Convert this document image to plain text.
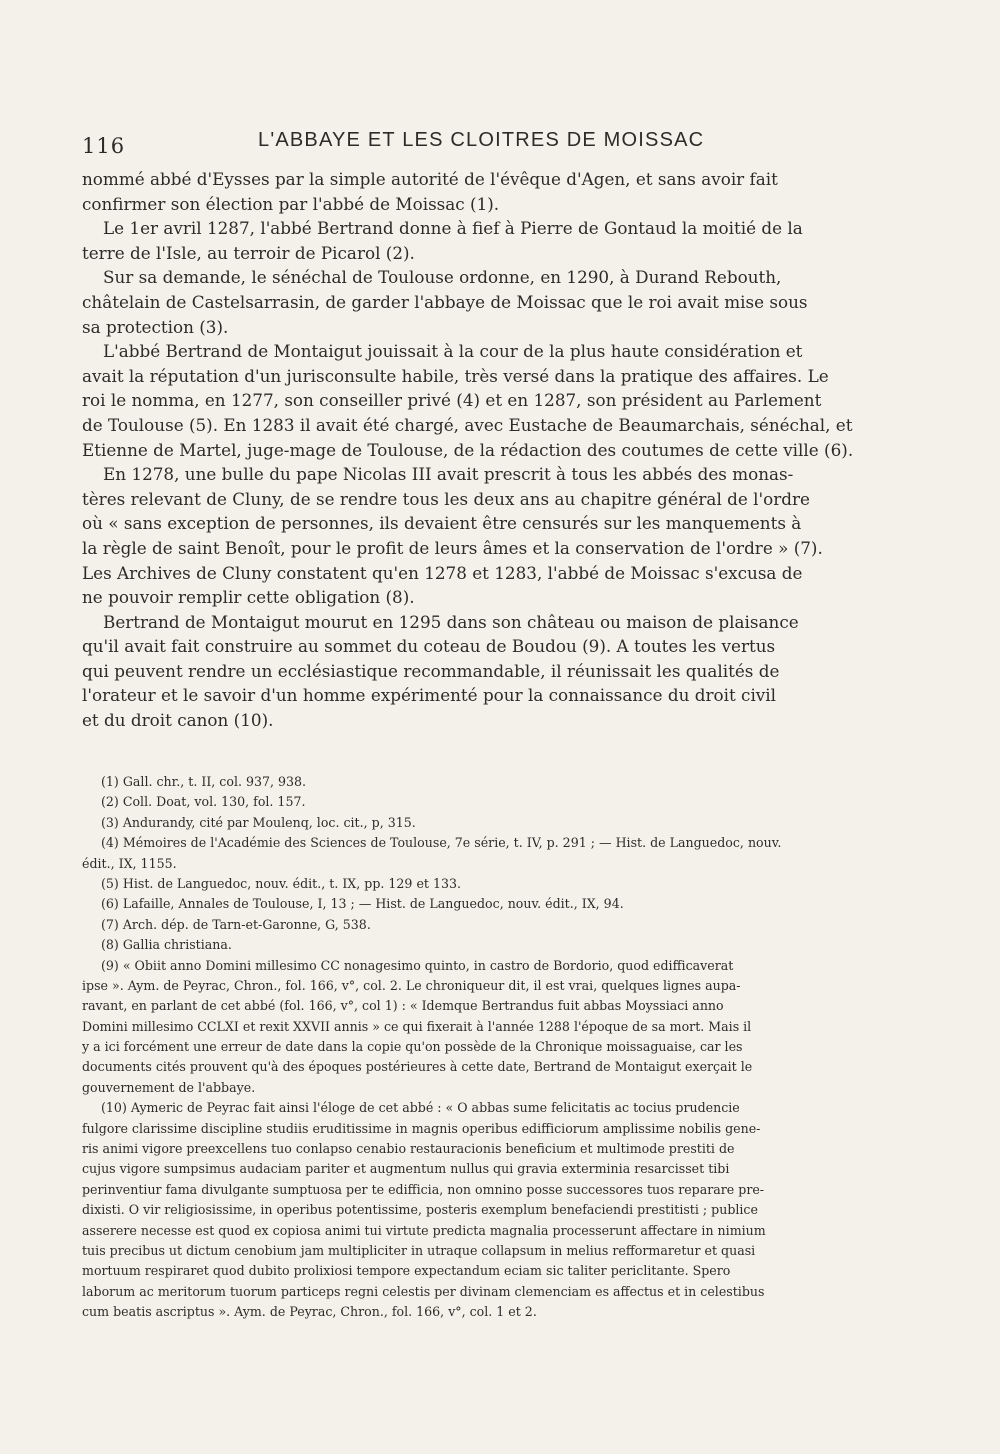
116	L'ABBAYE ET LES CLOITRES DE MOISSAC
nommé abbé d'Eysses par la simple autorité de l'évêque d'Agen, et sans avoir fait
confirmer son élection par l'abbé de Moissac (1).
Le 1er avril 1287, l'abbé Bertrand donne à fief à Pierre de Gontaud la moitié de la
terre de l'Isle, au terroir de Picarol (2).
Sur sa demande, le sénéchal de Toulouse ordonne, en 1290, à Durand Rebouth,
châtelain de Castelsarrasin, de garder l'abbaye de Moissac que le roi avait mise sous
sa protection (3).
L'abbé Bertrand de Montaigut jouissait à la cour de la plus haute considération et
avait la réputation d'un jurisconsulte habile, très versé dans la pratique des affaires. Le
roi le nomma, en 1277, son conseiller privé (4) et en 1287, son président au Parlement
de Toulouse (5). En 1283 il avait été chargé, avec Eustache de Beaumarchais, sénéchal, et
Etienne de Martel, juge-mage de Toulouse, de la rédaction des coutumes de cette ville (6).
En 1278, une bulle du pape Nicolas III avait prescrit à tous les abbés des monas-
tères relevant de Cluny, de se rendre tous les deux ans au chapitre général de l'ordre
où « sans exception de personnes, ils devaient être censurés sur les manquements à
la règle de saint Benoît, pour le profit de leurs âmes et la conservation de l'ordre » (7).
Les Archives de Cluny constatent qu'en 1278 et 1283, l'abbé de Moissac s'excusa de
ne pouvoir remplir cette obligation (8).
Bertrand de Montaigut mourut en 1295 dans son château ou maison de plaisance
qu'il avait fait construire au sommet du coteau de Boudou (9). A toutes les vertus
qui peuvent rendre un ecclésiastique recommandable, il réunissait les qualités de
l'orateur et le savoir d'un homme expérimenté pour la connaissance du droit civil
et du droit canon (10).
(1) Gall. chr., t. II, col. 937, 938.
(2) Coll. Doat, vol. 130, fol. 157.
(3) Andurandy, cité par Moulenq, loc. cit., p, 315.
(4) Mémoires de l'Académie des Sciences de Toulouse, 7e série, t. IV, p. 291 ; — Hist. de Languedoc, nouv.
édit., IX, 1155.
(5) Hist. de Languedoc, nouv. édit., t. IX, pp. 129 et 133.
(6) Lafaille, Annales de Toulouse, I, 13 ; — Hist. de Languedoc, nouv. édit., IX, 94.
(7) Arch. dép. de Tarn-et-Garonne, G, 538.
(8) Gallia christiana.
(9) « Obiit anno Domini millesimo CC nonagesimo quinto, in castro de Bordorio, quod edifficaverat
ipse ». Aym. de Peyrac, Chron., fol. 166, v°, col. 2. Le chroniqueur dit, il est vrai, quelques lignes aupa-
ravant, en parlant de cet abbé (fol. 166, v°, col 1) : « Idemque Bertrandus fuit abbas Moyssiaci anno
Domini millesimo CCLXI et rexit XXVII annis » ce qui fixerait à l'année 1288 l'époque de sa mort. Mais il
y a ici forcément une erreur de date dans la copie qu'on possède de la Chronique moissaguaise, car les
documents cités prouvent qu'à des époques postérieures à cette date, Bertrand de Montaigut exerçait le
gouvernement de l'abbaye.
(10) Aymeric de Peyrac fait ainsi l'éloge de cet abbé : « O abbas sume felicitatis ac tocius prudencie
fulgore clarissime discipline studiis eruditissime in magnis operibus edifficiorum amplissime nobilis gene-
ris animi vigore preexcellens tuo conlapso cenabio restauracionis beneficium et multimode prestiti de
cujus vigore sumpsimus audaciam pariter et augmentum nullus qui gravia exterminia resarcisset tibi
perinventiur fama divulgante sumptuosa per te edifficia, non omnino posse successores tuos reparare pre-
dixisti. O vir religiosissime, in operibus potentissime, posteris exemplum benefaciendi prestitisti ; publice
asserere necesse est quod ex copiosa animi tui virtute predicta magnalia processerunt affectare in nimium
tuis precibus ut dictum cenobium jam multipliciter in utraque collapsum in melius refformaretur et quasi
mortuum respiraret quod dubito prolixiosi tempore expectandum eciam sic taliter periclitante. Spero
laborum ac meritorum tuorum particeps regni celestis per divinam clemenciam es affectus et in celestibus
cum beatis ascriptus ». Aym. de Peyrac, Chron., fol. 166, v°, col. 1 et 2.
